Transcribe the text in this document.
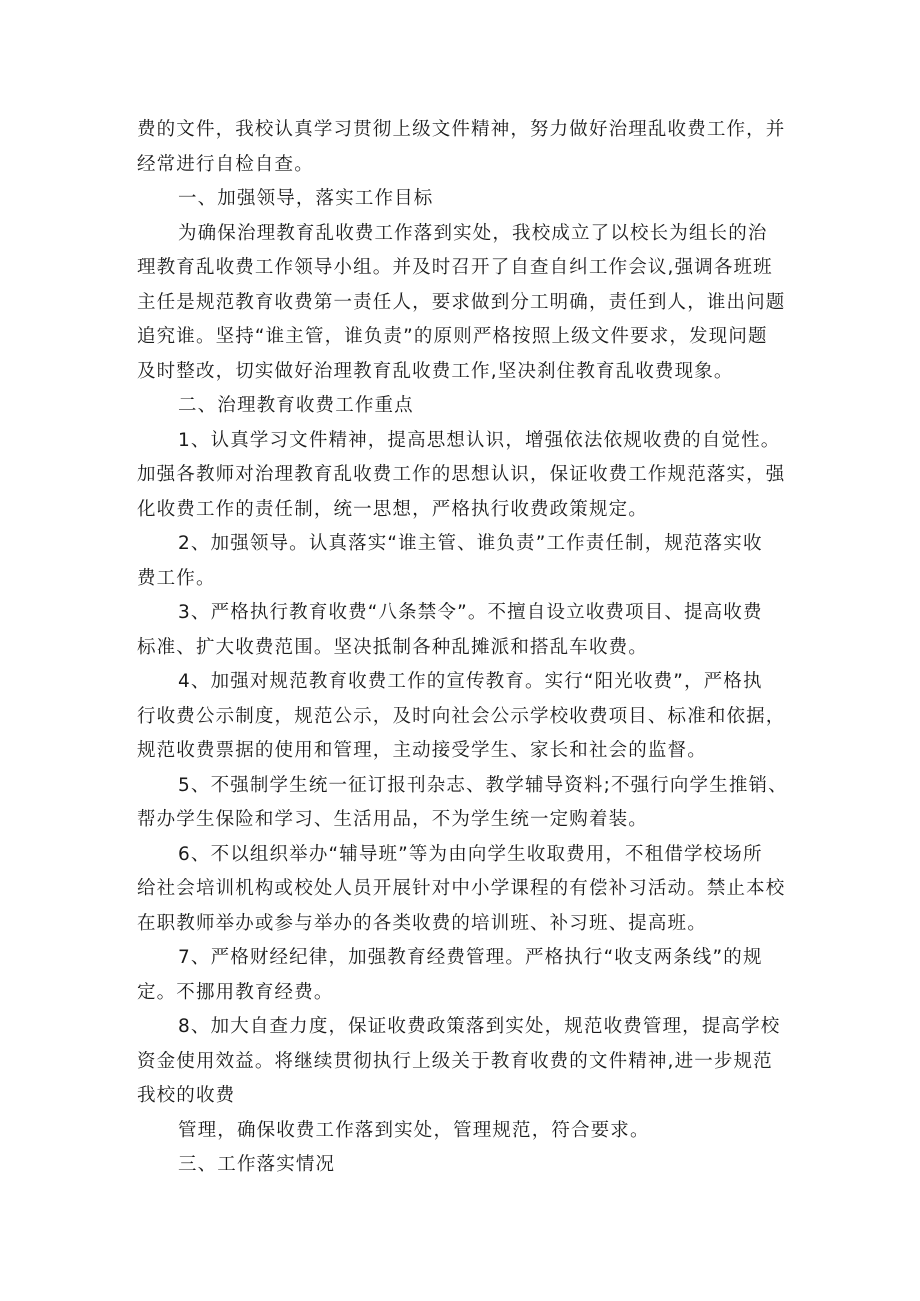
费的文件，我校认真学习贯彻上级文件精神，努力做好治理乱收费工作，并
经常进行自检自查。
一、加强领导，落实工作目标
为确保治理教育乱收费工作落到实处，我校成立了以校长为组长的治
理教育乱收费工作领导小组。并及时召开了自查自纠工作会议,强调各班班
主任是规范教育收费第一责任人，要求做到分工明确，责任到人，谁出问题
追究谁。坚持“谁主管，谁负责”的原则严格按照上级文件要求，发现问题
及时整改，切实做好治理教育乱收费工作,坚决刹住教育乱收费现象。
二、治理教育收费工作重点
1、认真学习文件精神，提高思想认识，增强依法依规收费的自觉性。
加强各教师对治理教育乱收费工作的思想认识，保证收费工作规范落实，强
化收费工作的责任制，统一思想，严格执行收费政策规定。
2、加强领导。认真落实“谁主管、谁负责”工作责任制，规范落实收
费工作。
3、严格执行教育收费“八条禁令”。不擅自设立收费项目、提高收费
标准、扩大收费范围。坚决抵制各种乱摊派和搭乱车收费。
4、加强对规范教育收费工作的宣传教育。实行“阳光收费”，严格执
行收费公示制度，规范公示，及时向社会公示学校收费项目、标准和依据，
规范收费票据的使用和管理，主动接受学生、家长和社会的监督。
5、不强制学生统一征订报刊杂志、教学辅导资料;不强行向学生推销、
帮办学生保险和学习、生活用品，不为学生统一定购着装。
6、不以组织举办“辅导班”等为由向学生收取费用，不租借学校场所
给社会培训机构或校处人员开展针对中小学课程的有偿补习活动。禁止本校
在职教师举办或参与举办的各类收费的培训班、补习班、提高班。
7、严格财经纪律，加强教育经费管理。严格执行“收支两条线”的规
定。不挪用教育经费。
8、加大自查力度，保证收费政策落到实处，规范收费管理，提高学校
资金使用效益。将继续贯彻执行上级关于教育收费的文件精神,进一步规范
我校的收费
管理，确保收费工作落到实处，管理规范，符合要求。
三、工作落实情况
